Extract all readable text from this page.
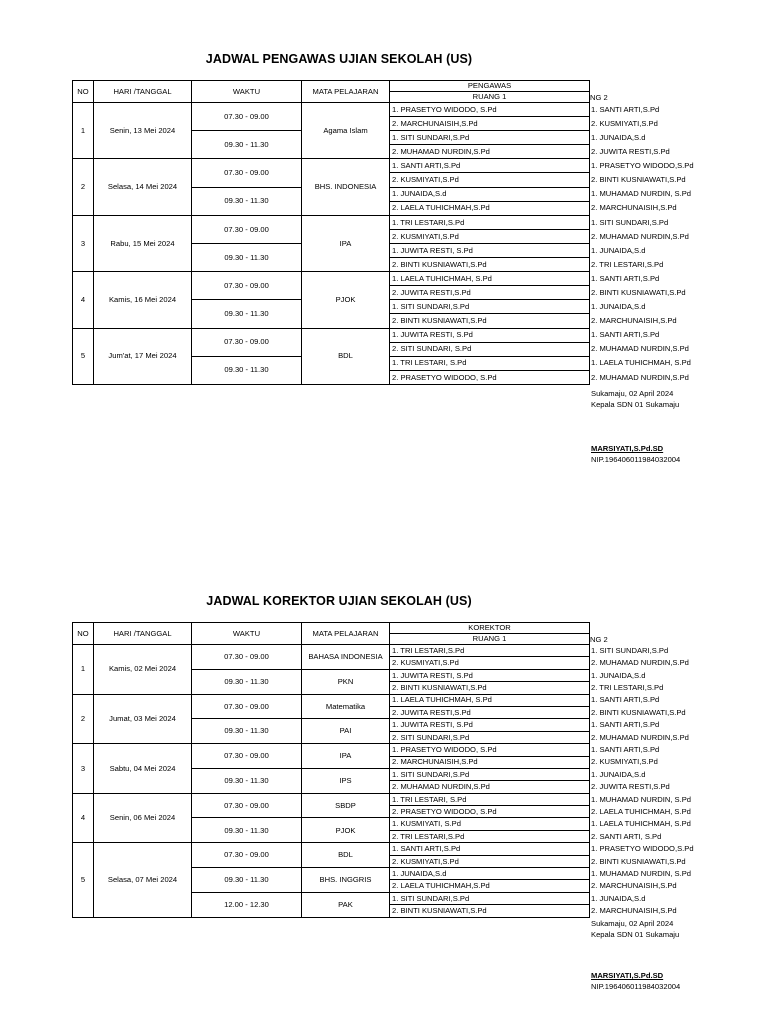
JADWAL PENGAWAS UJIAN SEKOLAH (US)
NO	HARI /TANGGAL	WAKTU	MATA PELAJARAN	PENGAWAS	
				RUANG 1	NG 2

1	Senin, 13 Mei 2024	07.30 - 09.00	Agama Islam	1. PRASETYO WIDODO, S.Pd	1. SANTI ARTI,S.Pd
				2. MARCHUNAISIH,S.Pd	2. KUSMIYATI,S.Pd
		09.30 - 11.30		1. SITI SUNDARI,S.Pd	1. JUNAIDA,S.d
				2. MUHAMAD NURDIN,S.Pd	2. JUWITA RESTI,S.Pd
2	Selasa, 14 Mei 2024	07.30 - 09.00	BHS. INDONESIA	1. SANTI ARTI,S.Pd	1. PRASETYO WIDODO,S.Pd
				2. KUSMIYATI,S.Pd	2. BINTI KUSNIAWATI,S.Pd
		09.30 - 11.30		1. JUNAIDA,S.d	1. MUHAMAD NURDIN, S.Pd
				2. LAELA TUHICHMAH,S.Pd	2. MARCHUNAISIH,S.Pd
3	Rabu, 15 Mei 2024	07.30 - 09.00	IPA	1. TRI LESTARI,S.Pd	1. SITI SUNDARI,S.Pd
				2. KUSMIYATI,S.Pd	2. MUHAMAD NURDIN,S.Pd
		09.30 - 11.30		1. JUWITA RESTI, S.Pd	1. JUNAIDA,S.d
				2. BINTI KUSNIAWATI,S.Pd	2. TRI LESTARI,S.Pd
4	Kamis, 16 Mei 2024	07.30 - 09.00	PJOK	1. LAELA TUHICHMAH, S.Pd	1. SANTI ARTI,S.Pd
				2. JUWITA RESTI,S.Pd	2. BINTI KUSNIAWATI,S.Pd
		09.30 - 11.30		1. SITI SUNDARI,S.Pd	1. JUNAIDA,S.d
				2. BINTI KUSNIAWATI,S.Pd	2. MARCHUNAISIH,S.Pd
5	Jum'at, 17 Mei 2024	07.30 - 09.00	BDL	1. JUWITA RESTI, S.Pd	1. SANTI ARTI,S.Pd
				2. SITI SUNDARI, S.Pd	2. MUHAMAD NURDIN,S.Pd
		09.30 - 11.30		1. TRI LESTARI, S.Pd	1. LAELA TUHICHMAH, S.Pd
				2. PRASETYO WIDODO, S.Pd	2. MUHAMAD NURDIN,S.Pd
Sukamaju, 02 April 2024
Kepala SDN 01 Sukamaju
MARSIYATI,S.Pd.SD
NIP.196406011984032004
JADWAL KOREKTOR UJIAN SEKOLAH (US)
NO	HARI /TANGGAL	WAKTU	MATA PELAJARAN	KOREKTOR	
				RUANG 1	NG 2

1	Kamis, 02 Mei 2024	07.30 - 09.00	BAHASA INDONESIA	1. TRI LESTARI,S.Pd	1. SITI SUNDARI,S.Pd
				2. KUSMIYATI,S.Pd	2. MUHAMAD NURDIN,S.Pd
		09.30 - 11.30	PKN	1. JUWITA RESTI, S.Pd	1. JUNAIDA,S.d
				2. BINTI KUSNIAWATI,S.Pd	2. TRI LESTARI,S.Pd
2	Jumat, 03 Mei 2024	07.30 - 09.00	Matematika	1. LAELA TUHICHMAH, S.Pd	1. SANTI ARTI,S.Pd
				2. JUWITA RESTI,S.Pd	2. BINTI KUSNIAWATI,S.Pd
		09.30 - 11.30	PAI	1. JUWITA RESTI, S.Pd	1. SANTI ARTI,S.Pd
				2. SITI SUNDARI,S.Pd	2. MUHAMAD NURDIN,S.Pd
3	Sabtu, 04 Mei 2024	07.30 - 09.00	IPA	1. PRASETYO WIDODO, S.Pd	1. SANTI ARTI,S.Pd
				2. MARCHUNAISIH,S.Pd	2. KUSMIYATI,S.Pd
		09.30 - 11.30	IPS	1. SITI SUNDARI,S.Pd	1. JUNAIDA,S.d
				2. MUHAMAD NURDIN,S.Pd	2. JUWITA RESTI,S.Pd
4	Senin, 06 Mei 2024	07.30 - 09.00	SBDP	1. TRI LESTARI, S.Pd	1. MUHAMAD NURDIN, S.Pd
				2. PRASETYO WIDODO, S.Pd	2. LAELA TUHICHMAH, S.Pd
		09.30 - 11.30	PJOK	1. KUSMIYATI, S.Pd	1. LAELA TUHICHMAH, S.Pd
				2. TRI LESTARI,S.Pd	2. SANTI ARTI, S.Pd
5	Selasa, 07 Mei 2024	07.30 - 09.00	BDL	1. SANTI ARTI,S.Pd	1. PRASETYO WIDODO,S.Pd
				2. KUSMIYATI,S.Pd	2. BINTI KUSNIAWATI,S.Pd
		09.30 - 11.30	BHS. INGGRIS	1. JUNAIDA,S.d	1. MUHAMAD NURDIN, S.Pd
				2. LAELA TUHICHMAH,S.Pd	2. MARCHUNAISIH,S.Pd
		12.00 - 12.30	PAK	1. SITI SUNDARI,S.Pd	1. JUNAIDA,S.d
				2. BINTI KUSNIAWATI,S.Pd	2. MARCHUNAISIH,S.Pd
Sukamaju, 02 April 2024
Kepala SDN 01 Sukamaju
MARSIYATI,S.Pd.SD
NIP.196406011984032004
